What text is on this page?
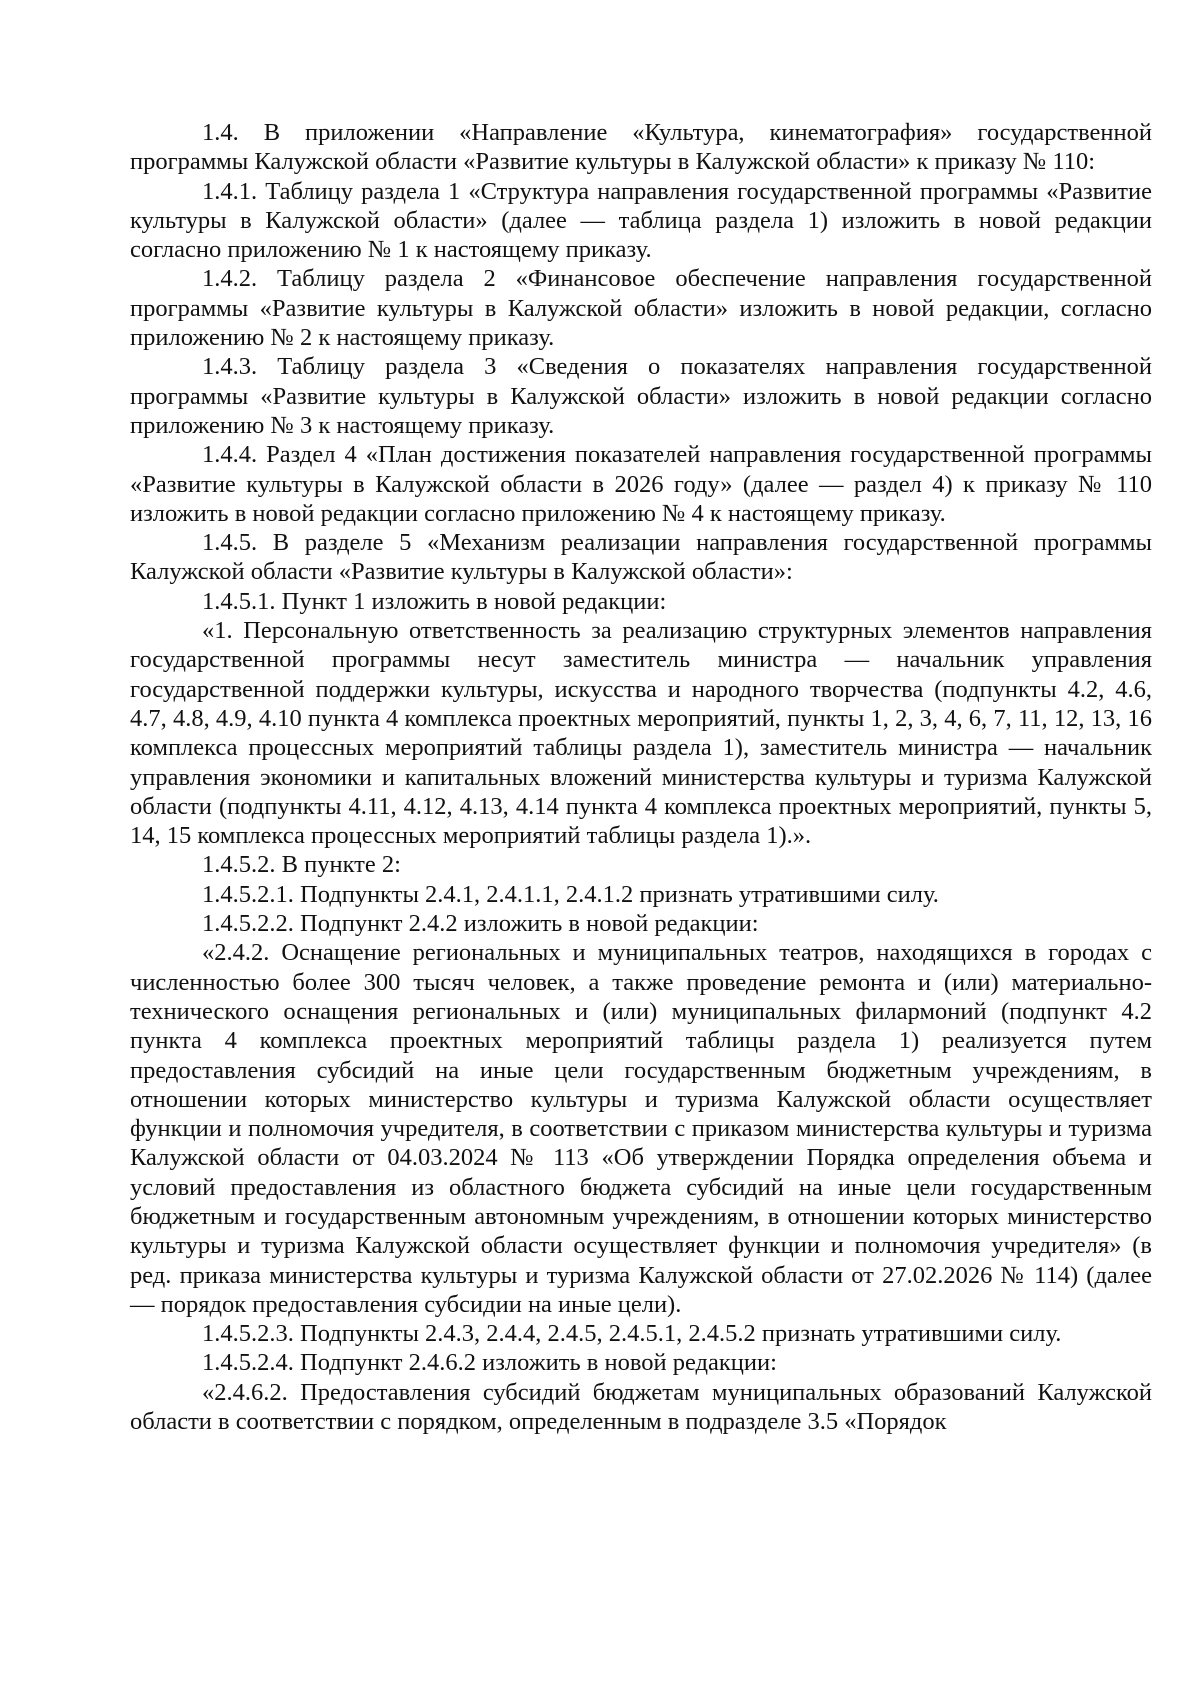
1.4. В приложении «Направление «Культура, кинематография» государственной программы Калужской области «Развитие культуры в Калужской области» к приказу № 110:

1.4.1. Таблицу раздела 1 «Структура направления государственной программы «Развитие культуры в Калужской области» (далее — таблица раздела 1) изложить в новой редакции согласно приложению № 1 к настоящему приказу.

1.4.2. Таблицу раздела 2 «Финансовое обеспечение направления государственной программы «Развитие культуры в Калужской области» изложить в новой редакции, согласно приложению № 2 к настоящему приказу.

1.4.3. Таблицу раздела 3 «Сведения о показателях направления государственной программы «Развитие культуры в Калужской области» изложить в новой редакции согласно приложению № 3 к настоящему приказу.

1.4.4. Раздел 4 «План достижения показателей направления государственной программы «Развитие культуры в Калужской области в 2026 году» (далее — раздел 4) к приказу № 110 изложить в новой редакции согласно приложению № 4 к настоящему приказу.

1.4.5. В разделе 5 «Механизм реализации направления государственной программы Калужской области «Развитие культуры в Калужской области»:

1.4.5.1. Пункт 1 изложить в новой редакции:

«1. Персональную ответственность за реализацию структурных элементов направления государственной программы несут заместитель министра — начальник управления государственной поддержки культуры, искусства и народного творчества (подпункты 4.2, 4.6, 4.7, 4.8, 4.9, 4.10 пункта 4 комплекса проектных мероприятий, пункты 1, 2, 3, 4, 6, 7, 11, 12, 13, 16 комплекса процессных мероприятий таблицы раздела 1), заместитель министра — начальник управления экономики и капитальных вложений министерства культуры и туризма Калужской области (подпункты 4.11, 4.12, 4.13, 4.14 пункта 4 комплекса проектных мероприятий, пункты 5, 14, 15 комплекса процессных мероприятий таблицы раздела 1).».

1.4.5.2. В пункте 2:

1.4.5.2.1. Подпункты 2.4.1, 2.4.1.1, 2.4.1.2 признать утратившими силу.

1.4.5.2.2. Подпункт 2.4.2 изложить в новой редакции:

«2.4.2. Оснащение региональных и муниципальных театров, находящихся в городах с численностью более 300 тысяч человек, а также проведение ремонта и (или) материально-технического оснащения региональных и (или) муниципальных филармоний (подпункт 4.2 пункта 4 комплекса проектных мероприятий таблицы раздела 1) реализуется путем предоставления субсидий на иные цели государственным бюджетным учреждениям, в отношении которых министерство культуры и туризма Калужской области осуществляет функции и полномочия учредителя, в соответствии с приказом министерства культуры и туризма Калужской области от 04.03.2024 № 113 «Об утверждении Порядка определения объема и условий предоставления из областного бюджета субсидий на иные цели государственным бюджетным и государственным автономным учреждениям, в отношении которых министерство культуры и туризма Калужской области осуществляет функции и полномочия учредителя» (в ред. приказа министерства культуры и туризма Калужской области от 27.02.2026 № 114) (далее — порядок предоставления субсидии на иные цели).

1.4.5.2.3. Подпункты 2.4.3, 2.4.4, 2.4.5, 2.4.5.1, 2.4.5.2 признать утратившими силу.

1.4.5.2.4. Подпункт 2.4.6.2 изложить в новой редакции:

«2.4.6.2. Предоставления субсидий бюджетам муниципальных образований Калужской области в соответствии с порядком, определенным в подразделе 3.5 «Порядок
